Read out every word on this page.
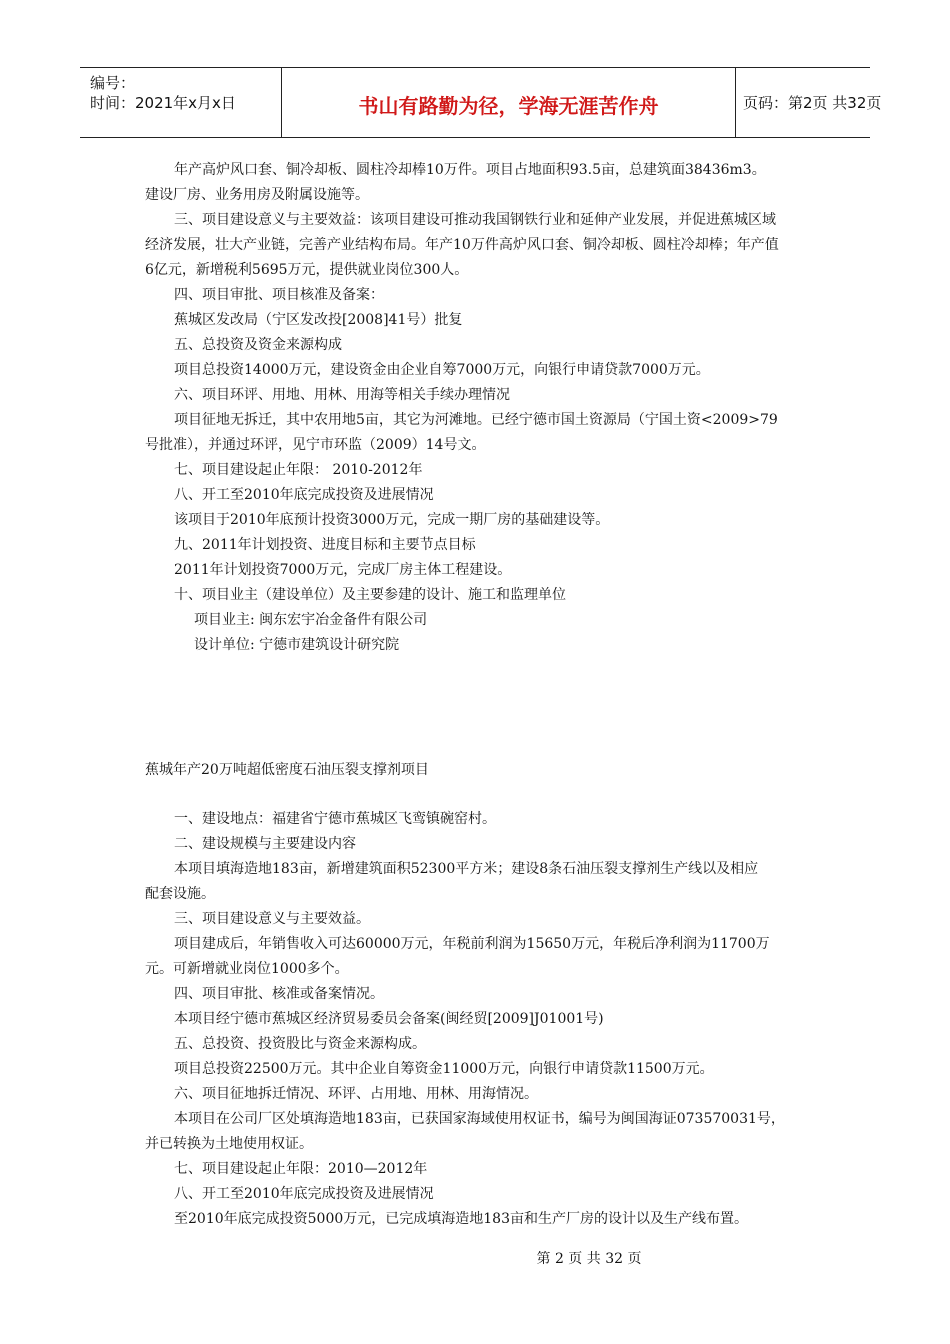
编号：
时间：2021年x月x日	书山有路勤为径，学海无涯苦作舟	页码：第2页 共32页
年产高炉风口套、铜冷却板、圆柱冷却棒10万件。项目占地面积93.5亩，总建筑面38436m3。
建设厂房、业务用房及附属设施等。
三、项目建设意义与主要效益：该项目建设可推动我国钢铁行业和延伸产业发展，并促进蕉城区域
经济发展，壮大产业链，完善产业结构布局。年产10万件高炉风口套、铜冷却板、圆柱冷却棒；年产值
6亿元，新增税利5695万元，提供就业岗位300人。
四、项目审批、项目核准及备案：
蕉城区发改局（宁区发改投[2008]41号）批复
五、总投资及资金来源构成
项目总投资14000万元，建设资金由企业自筹7000万元，向银行申请贷款7000万元。
六、项目环评、用地、用林、用海等相关手续办理情况
项目征地无拆迁，其中农用地5亩，其它为河滩地。已经宁德市国土资源局（宁国土资<2009>79
号批准），并通过环评，见宁市环监（2009）14号文。
七、项目建设起止年限： 2010-2012年
八、开工至2010年底完成投资及进展情况
该项目于2010年底预计投资3000万元，完成一期厂房的基础建设等。
九、2011年计划投资、进度目标和主要节点目标
2011年计划投资7000万元，完成厂房主体工程建设。
十、项目业主（建设单位）及主要参建的设计、施工和监理单位
项目业主: 闽东宏宇冶金备件有限公司
设计单位: 宁德市建筑设计研究院
蕉城年产20万吨超低密度石油压裂支撑剂项目
一、建设地点：福建省宁德市蕉城区飞鸾镇碗窑村。
二、建设规模与主要建设内容
本项目填海造地183亩，新增建筑面积52300平方米；建设8条石油压裂支撑剂生产线以及相应
配套设施。
三、项目建设意义与主要效益。
项目建成后，年销售收入可达60000万元，年税前利润为15650万元，年税后净利润为11700万
元。可新增就业岗位1000多个。
四、项目审批、核准或备案情况。
本项目经宁德市蕉城区经济贸易委员会备案(闽经贸[2009]J01001号)
五、总投资、投资股比与资金来源构成。
项目总投资22500万元。其中企业自筹资金11000万元，向银行申请贷款11500万元。
六、项目征地拆迁情况、环评、占用地、用林、用海情况。
本项目在公司厂区处填海造地183亩，已获国家海域使用权证书，编号为闽国海证073570031号，
并已转换为土地使用权证。
七、项目建设起止年限：2010—2012年
八、开工至2010年底完成投资及进展情况
至2010年底完成投资5000万元，已完成填海造地183亩和生产厂房的设计以及生产线布置。
第 2 页 共 32 页
